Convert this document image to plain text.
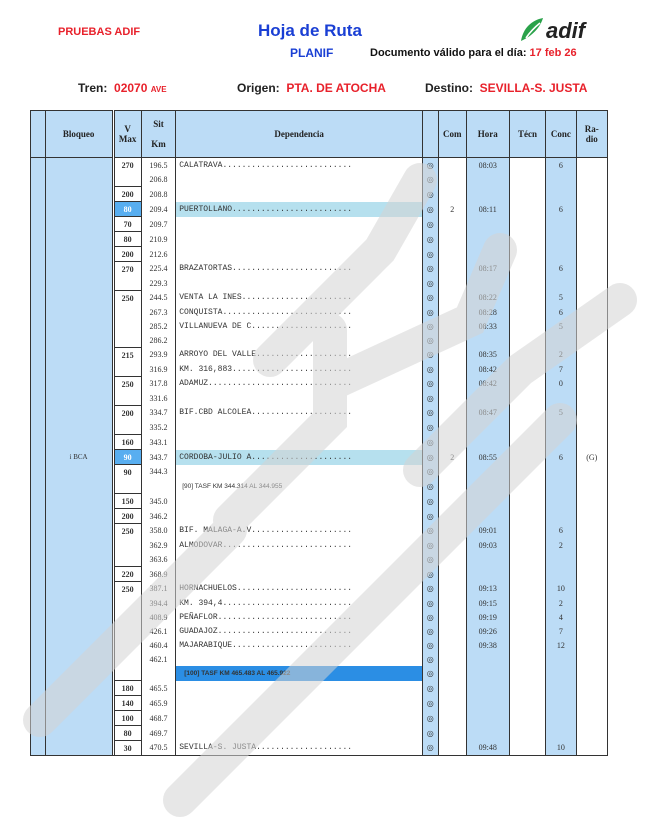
PRUEBAS ADIF	Hoja de Ruta
PLANIF	Documento válido para el día: 17 feb 26
adif
Tren: 02070 AVE	Origen: PTA. DE ATOCHA	Destino: SEVILLA-S. JUSTA
	Bloqueo		V
Max	Sit

Km	Dependencia		Com	Hora	Técn	Conc	Ra-
dio
			270	196.5	CALATRAVA...........................	◎		08:03		6	
				206.8		◎					
			200	208.8		◎					
			80	209.4	PUERTOLLANO.........................	◎	2	08:11		6	
			70	209.7		◎					
			80	210.9		◎					
			200	212.6		◎					
			270	225.4	BRAZATORTAS.........................	◎		08:17		6	
				229.3		◎					
			250	244.5	VENTA LA INES.......................	◎		08:22		5	
				267.3	CONQUISTA...........................	◎		08:28		6	
				285.2	VILLANUEVA DE C.....................	◎		08:33		5	
				286.2		◎					
			215	293.9	ARROYO DEL VALLE....................	◎		08:35		2	
				316.9	KM. 316,883.........................	◎		08:42		7	
			250	317.8	ADAMUZ..............................	◎		08:42		0	
				331.6		◎					
			200	334.7	BIF.CBD ALCOLEA.....................	◎		08:47		5	
				335.2		◎					
			160	343.1		◎					
	i BCA		90	343.7	CORDOBA-JULIO A.....................	◎	2	08:55		6	(G)
			90	344.3		◎					
					[90] TASF KM 344.314 AL 344.955	◎					
			150	345.0		◎					
			200	346.2		◎					
			250	358.0	BIF. MALAGA-A.V.....................	◎		09:01		6	
				362.9	ALMODOVAR...........................	◎		09:03		2	
				363.6		◎					
			220	368.9		◎					
			250	387.1	HORNACHUELOS........................	◎		09:13		10	
				394.4	KM. 394,4...........................	◎		09:15		2	
				408.9	PEÑAFLOR............................	◎		09:19		4	
				426.1	GUADAJOZ............................	◎		09:26		7	
				460.4	MAJARABIQUE.........................	◎		09:38		12	
				462.1		◎					
					[100] TASF KM 465.483 AL 465.922	◎					
			180	465.5		◎					
			140	465.9		◎					
			100	468.7		◎					
			80	469.7		◎					
			30	470.5	SEVILLA-S. JUSTA....................	◎		09:48		10	
